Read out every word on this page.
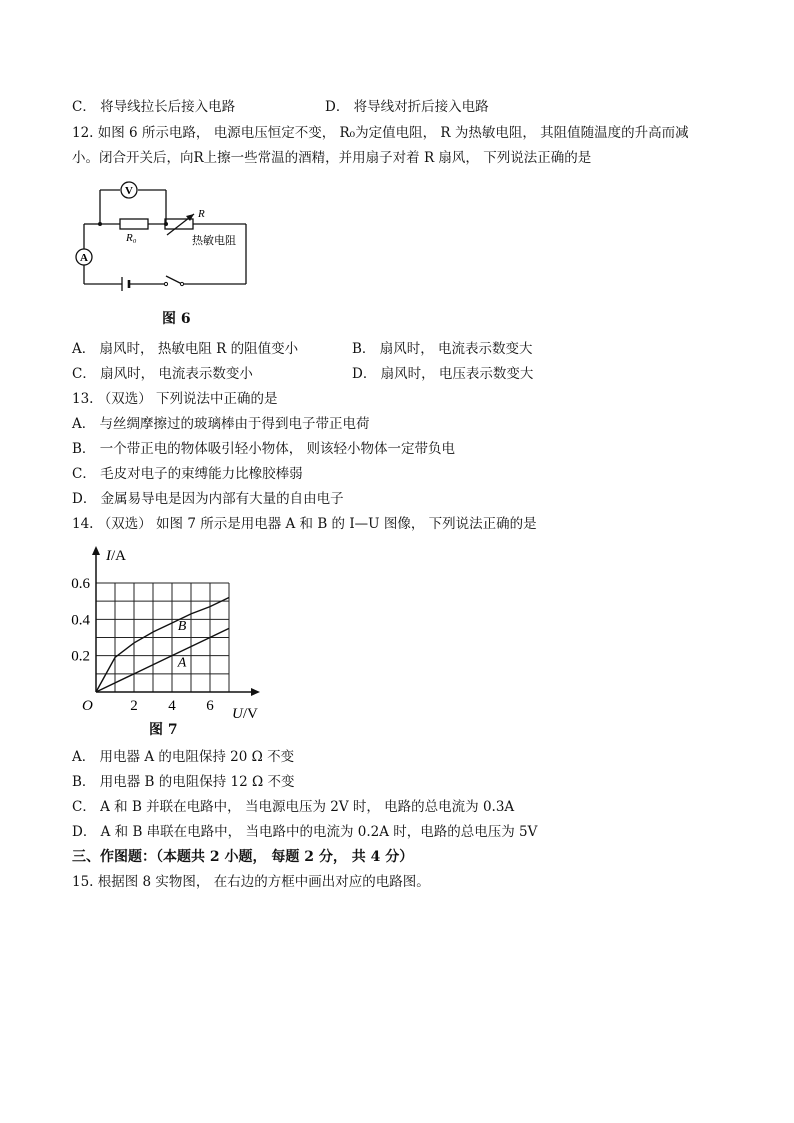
C． 将导线拉长后接入电路	D． 将导线对折后接入电路
12. 如图 6 所示电路， 电源电压恒定不变， R₀为定值电阻， R 为热敏电阻， 其阻值随温度的升高而减
小。闭合开关后，向R上擦一些常温的酒精，并用扇子对着 R 扇风， 下列说法正确的是
V
A
R₀
R
热敏电阻
图 6
A． 扇风时， 热敏电阻 R 的阻值变小	B． 扇风时， 电流表示数变大
C． 扇风时， 电流表示数变小	D． 扇风时， 电压表示数变大
13. （双选） 下列说法中正确的是
A． 与丝绸摩擦过的玻璃棒由于得到电子带正电荷
B． 一个带正电的物体吸引轻小物体， 则该轻小物体一定带负电
C． 毛皮对电子的束缚能力比橡胶棒弱
D． 金属易导电是因为内部有大量的自由电子
14. （双选） 如图 7 所示是用电器 A 和 B 的 I—U 图像， 下列说法正确的是
A
B
0.2
0.4
0.6
2 4 6
O
I/A
U/V
图 7
A． 用电器 A 的电阻保持 20 Ω 不变
B． 用电器 B 的电阻保持 12 Ω 不变
C． A 和 B 并联在电路中， 当电源电压为 2V 时， 电路的总电流为 0.3A
D． A 和 B 串联在电路中， 当电路中的电流为 0.2A 时，电路的总电压为 5V
三、作图题：（本题共 2 小题， 每题 2 分， 共 4 分）
15. 根据图 8 实物图， 在右边的方框中画出对应的电路图。
